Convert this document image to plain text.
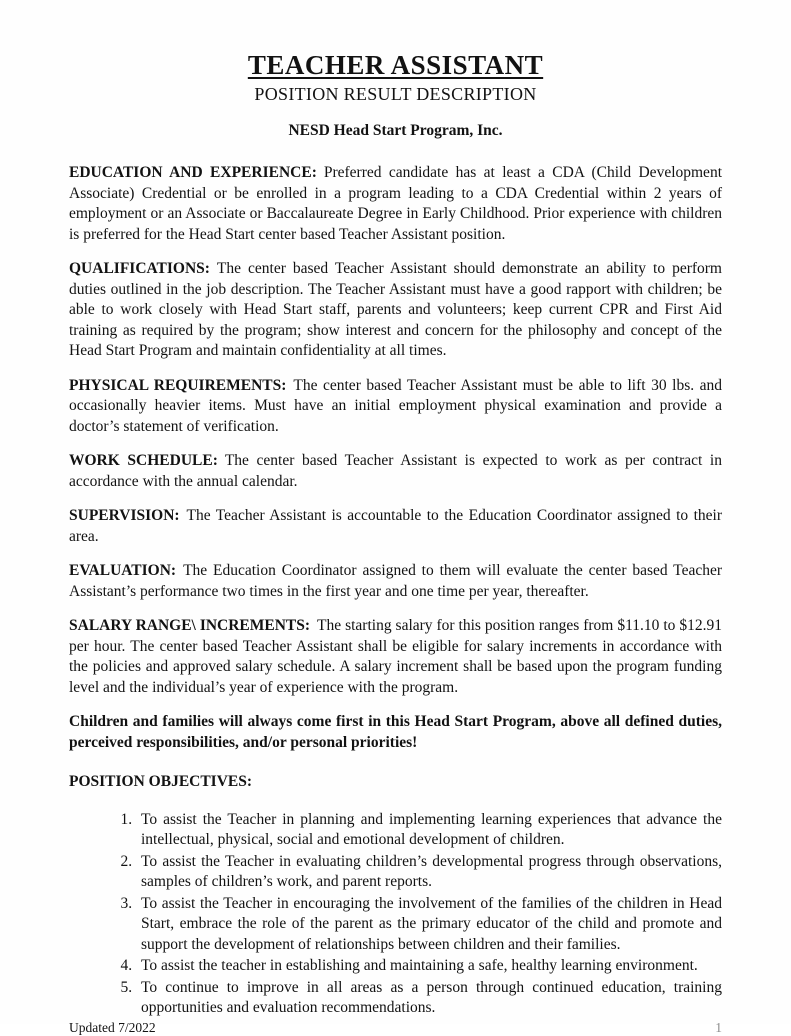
TEACHER ASSISTANT
POSITION RESULT DESCRIPTION
NESD Head Start Program, Inc.

EDUCATION AND EXPERIENCE: Preferred candidate has at least a CDA (Child Development Associate) Credential or be enrolled in a program leading to a CDA Credential within 2 years of employment or an Associate or Baccalaureate Degree in Early Childhood. Prior experience with children is preferred for the Head Start center based Teacher Assistant position.

QUALIFICATIONS: The center based Teacher Assistant should demonstrate an ability to perform duties outlined in the job description. The Teacher Assistant must have a good rapport with children; be able to work closely with Head Start staff, parents and volunteers; keep current CPR and First Aid training as required by the program; show interest and concern for the philosophy and concept of the Head Start Program and maintain confidentiality at all times.

PHYSICAL REQUIREMENTS: The center based Teacher Assistant must be able to lift 30 lbs. and occasionally heavier items. Must have an initial employment physical examination and provide a doctor’s statement of verification.

WORK SCHEDULE: The center based Teacher Assistant is expected to work as per contract in accordance with the annual calendar.

SUPERVISION: The Teacher Assistant is accountable to the Education Coordinator assigned to their area.

EVALUATION: The Education Coordinator assigned to them will evaluate the center based Teacher Assistant’s performance two times in the first year and one time per year, thereafter.

SALARY RANGE\ INCREMENTS: The starting salary for this position ranges from $11.10 to $12.91 per hour. The center based Teacher Assistant shall be eligible for salary increments in accordance with the policies and approved salary schedule. A salary increment shall be based upon the program funding level and the individual’s year of experience with the program.

Children and families will always come first in this Head Start Program, above all defined duties, perceived responsibilities, and/or personal priorities!

POSITION OBJECTIVES:

1. To assist the Teacher in planning and implementing learning experiences that advance the intellectual, physical, social and emotional development of children.
2. To assist the Teacher in evaluating children’s developmental progress through observations, samples of children’s work, and parent reports.
3. To assist the Teacher in encouraging the involvement of the families of the children in Head Start, embrace the role of the parent as the primary educator of the child and promote and support the development of relationships between children and their families.
4. To assist the teacher in establishing and maintaining a safe, healthy learning environment.
5. To continue to improve in all areas as a person through continued education, training opportunities and evaluation recommendations.
Updated 7/2022	1
